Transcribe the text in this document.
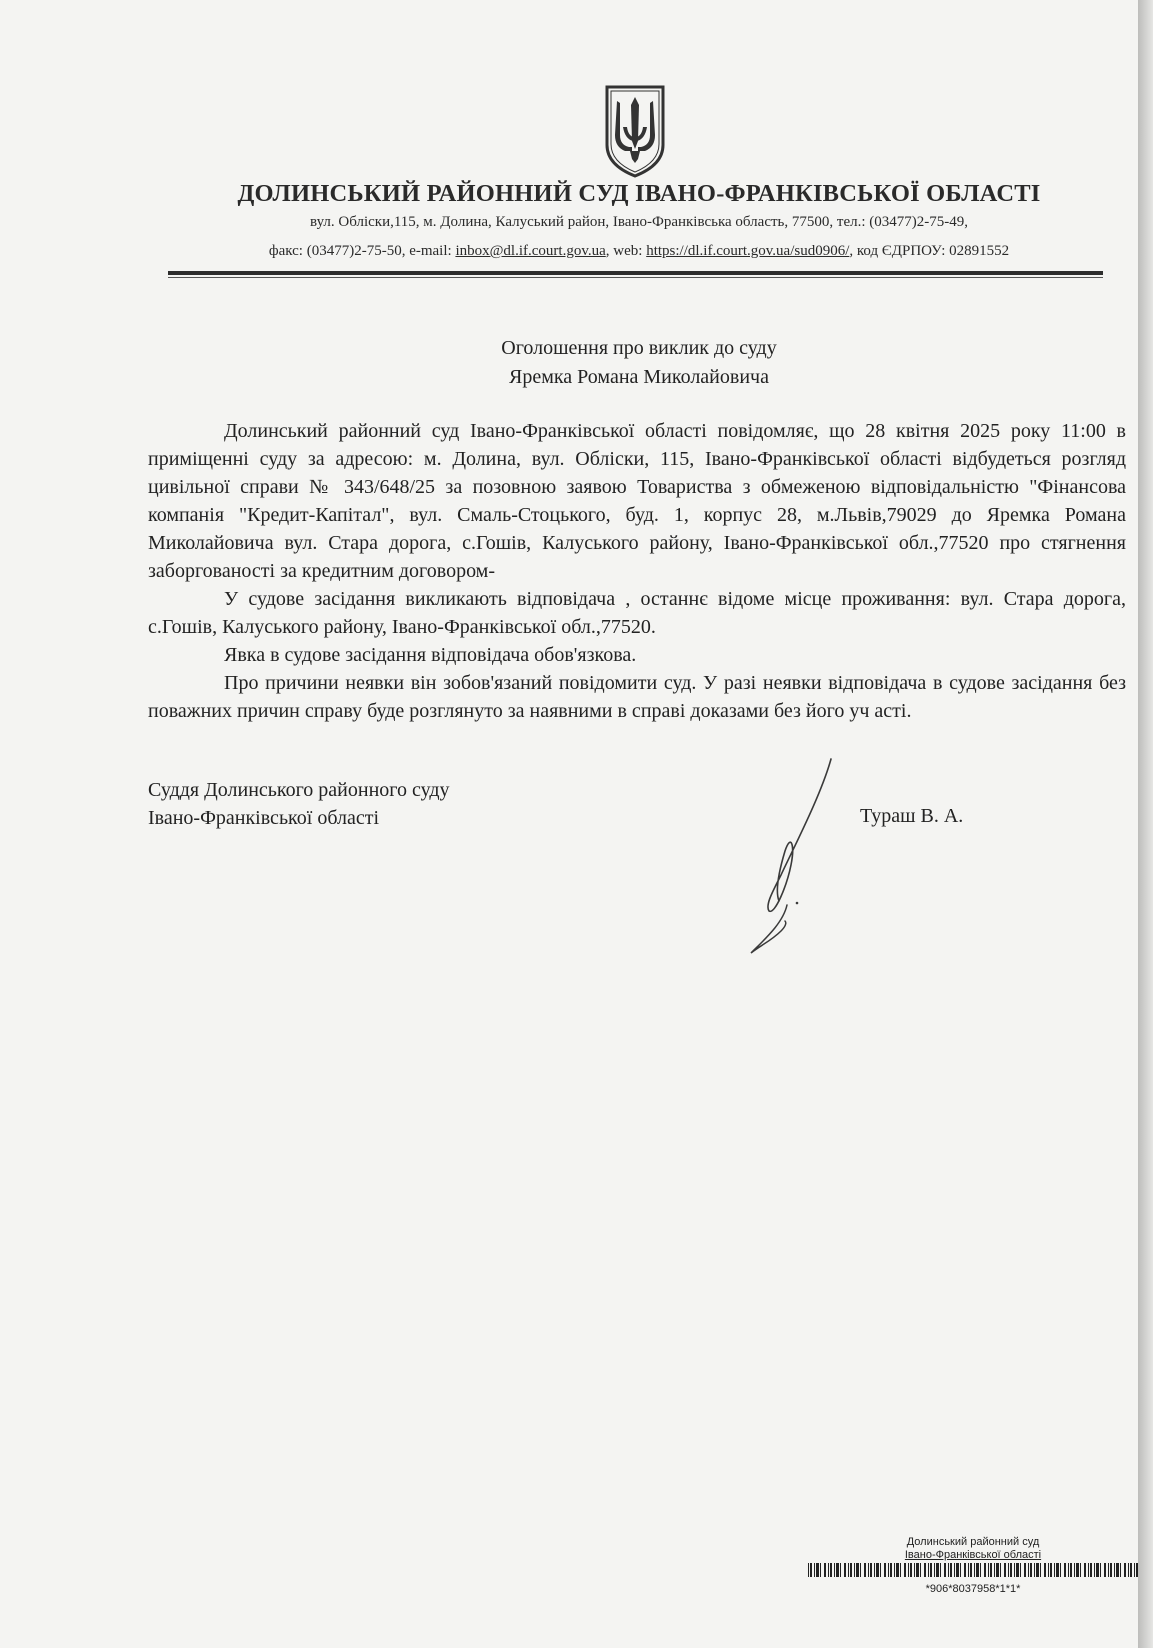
ДОЛИНСЬКИЙ РАЙОННИЙ СУД ІВАНО-ФРАНКІВСЬКОЇ ОБЛАСТІ
вул. Обліски,115, м. Долина, Калуський район, Івано-Франківська область, 77500, тел.: (03477)2-75-49,
факс: (03477)2-75-50, e-mail: inbox@dl.if.court.gov.ua, web: https://dl.if.court.gov.ua/sud0906/, код ЄДРПОУ: 02891552
Оголошення про виклик до суду
Яремка Романа Миколайовича

Долинський районний суд Івано-Франківської області повідомляє, що 28 квітня 2025 року 11:00 в приміщенні суду за адресою: м. Долина, вул. Обліски, 115, Івано-Франківської області відбудеться розгляд цивільної справи № 343/648/25 за позовною заявою Товариства з обмеженою відповідальністю "Фінансова компанія "Кредит-Капітал", вул. Смаль-Стоцького, буд. 1, корпус 28, м.Львів,79029 до Яремка Романа Миколайовича вул. Стара дорога, с.Гошів, Калуського району, Івано-Франківської обл.,77520 про стягнення заборгованості за кредитним договором-

У судове засідання викликають відповідача , останнє відоме місце проживання: вул. Стара дорога, с.Гошів, Калуського району, Івано-Франківської обл.,77520.

Явка в судове засідання відповідача обов'язкова.

Про причини неявки він зобов'язаний повідомити суд. У разі неявки відповідача в судове засідання без поважних причин справу буде розглянуто за наявними в справі доказами без його уч асті.

Суддя Долинського районного суду
Івано-Франківської області	Тураш В. А.
Долинський районний суд
Івано-Франківської області
*906*8037958*1*1*
